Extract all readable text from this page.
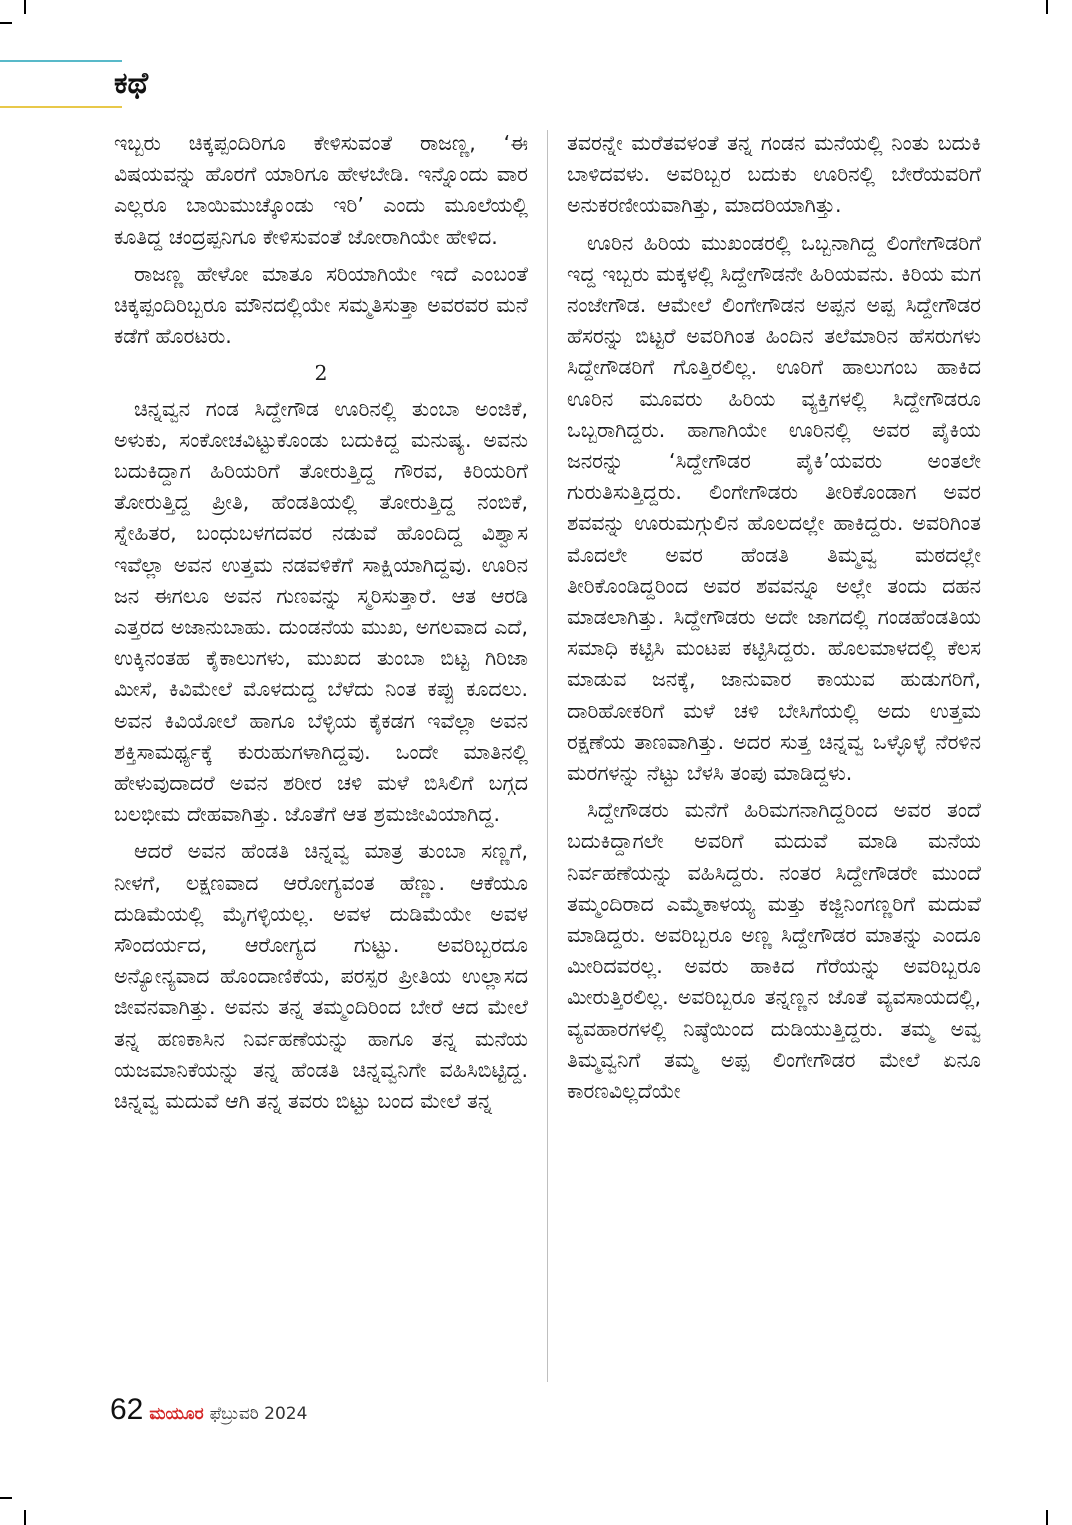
ಕಥೆ

ಇಬ್ಬರು ಚಿಕ್ಕಪ್ಪಂದಿರಿಗೂ ಕೇಳಿಸುವಂತೆ ರಾಜಣ್ಣ, ‘ಈ ವಿಷಯವನ್ನು ಹೊರಗೆ ಯಾರಿಗೂ ಹೇಳಬೇಡಿ. ಇನ್ನೊಂದು ವಾರ ಎಲ್ಲರೂ ಬಾಯಿಮುಚ್ಕೊಂಡು ಇರಿ’ ಎಂದು ಮೂಲೆಯಲ್ಲಿ ಕೂತಿದ್ದ ಚಂದ್ರಪ್ಪನಿಗೂ ಕೇಳಿಸುವಂತೆ ಜೋರಾಗಿಯೇ ಹೇಳಿದ.

ರಾಜಣ್ಣ ಹೇಳೋ ಮಾತೂ ಸರಿಯಾಗಿಯೇ ಇದೆ ಎಂಬಂತೆ ಚಿಕ್ಕಪ್ಪಂದಿರಿಬ್ಬರೂ ಮೌನದಲ್ಲಿಯೇ ಸಮ್ಮತಿಸುತ್ತಾ ಅವರವರ ಮನೆ ಕಡೆಗೆ ಹೊರಟರು.

2

ಚಿನ್ನವ್ವನ ಗಂಡ ಸಿದ್ದೇಗೌಡ ಊರಿನಲ್ಲಿ ತುಂಬಾ ಅಂಜಿಕೆ, ಅಳುಕು, ಸಂಕೋಚವಿಟ್ಟುಕೊಂಡು ಬದುಕಿದ್ದ ಮನುಷ್ಯ. ಅವನು ಬದುಕಿದ್ದಾಗ ಹಿರಿಯರಿಗೆ ತೋರುತ್ತಿದ್ದ ಗೌರವ, ಕಿರಿಯರಿಗೆ ತೋರುತ್ತಿದ್ದ ಪ್ರೀತಿ, ಹೆಂಡತಿಯಲ್ಲಿ ತೋರುತ್ತಿದ್ದ ನಂಬಿಕೆ, ಸ್ನೇಹಿತರ, ಬಂಧುಬಳಗದವರ ನಡುವೆ ಹೊಂದಿದ್ದ ವಿಶ್ವಾಸ ಇವೆಲ್ಲಾ ಅವನ ಉತ್ತಮ ನಡವಳಿಕೆಗೆ ಸಾಕ್ಷಿಯಾಗಿದ್ದವು. ಊರಿನ ಜನ ಈಗಲೂ ಅವನ ಗುಣವನ್ನು ಸ್ಮರಿಸುತ್ತಾರೆ. ಆತ ಆರಡಿ ಎತ್ತರದ ಅಜಾನುಬಾಹು. ದುಂಡನೆಯ ಮುಖ, ಅಗಲವಾದ ಎದೆ, ಉಕ್ಕಿನಂತಹ ಕೈಕಾಲುಗಳು, ಮುಖದ ತುಂಬಾ ಬಿಟ್ಟ ಗಿರಿಜಾ ಮೀಸೆ, ಕಿವಿಮೇಲೆ ಮೊಳದುದ್ದ ಬೆಳೆದು ನಿಂತ ಕಪ್ಪು ಕೂದಲು. ಅವನ ಕಿವಿಯೋಲೆ ಹಾಗೂ ಬೆಳ್ಳಿಯ ಕೈಕಡಗ ಇವೆಲ್ಲಾ ಅವನ ಶಕ್ತಿಸಾಮರ್ಥ್ಯಕ್ಕೆ ಕುರುಹುಗಳಾಗಿದ್ದವು. ಒಂದೇ ಮಾತಿನಲ್ಲಿ ಹೇಳುವುದಾದರೆ ಅವನ ಶರೀರ ಚಳಿ ಮಳೆ ಬಿಸಿಲಿಗೆ ಬಗ್ಗದ ಬಲಭೀಮ ದೇಹವಾಗಿತ್ತು. ಜೊತೆಗೆ ಆತ ಶ್ರಮಜೀವಿಯಾಗಿದ್ದ.

ಆದರೆ ಅವನ ಹೆಂಡತಿ ಚಿನ್ನವ್ವ ಮಾತ್ರ ತುಂಬಾ ಸಣ್ಣಗೆ, ನೀಳಗೆ, ಲಕ್ಷಣವಾದ ಆರೋಗ್ಯವಂತ ಹೆಣ್ಣು. ಆಕೆಯೂ ದುಡಿಮೆಯಲ್ಲಿ ಮೈಗಳ್ಳಿಯಲ್ಲ. ಅವಳ ದುಡಿಮೆಯೇ ಅವಳ ಸೌಂದರ್ಯದ, ಆರೋಗ್ಯದ ಗುಟ್ಟು. ಅವರಿಬ್ಬರದೂ ಅನ್ಯೋನ್ಯವಾದ ಹೊಂದಾಣಿಕೆಯ, ಪರಸ್ಪರ ಪ್ರೀತಿಯ ಉಲ್ಲಾಸದ ಜೀವನವಾಗಿತ್ತು. ಅವನು ತನ್ನ ತಮ್ಮಂದಿರಿಂದ ಬೇರೆ ಆದ ಮೇಲೆ ತನ್ನ ಹಣಕಾಸಿನ ನಿರ್ವಹಣೆಯನ್ನು ಹಾಗೂ ತನ್ನ ಮನೆಯ ಯಜಮಾನಿಕೆಯನ್ನು ತನ್ನ ಹೆಂಡತಿ ಚಿನ್ನವ್ವನಿಗೇ ವಹಿಸಿಬಿಟ್ಟಿದ್ದ. ಚಿನ್ನವ್ವ ಮದುವೆ ಆಗಿ ತನ್ನ ತವರು ಬಿಟ್ಟು ಬಂದ ಮೇಲೆ ತನ್ನ

ತವರನ್ನೇ ಮರೆತವಳಂತೆ ತನ್ನ ಗಂಡನ ಮನೆಯಲ್ಲಿ ನಿಂತು ಬದುಕಿ ಬಾಳಿದವಳು. ಅವರಿಬ್ಬರ ಬದುಕು ಊರಿನಲ್ಲಿ ಬೇರೆಯವರಿಗೆ ಅನುಕರಣೀಯವಾಗಿತ್ತು, ಮಾದರಿಯಾಗಿತ್ತು.

ಊರಿನ ಹಿರಿಯ ಮುಖಂಡರಲ್ಲಿ ಒಬ್ಬನಾಗಿದ್ದ ಲಿಂಗೇಗೌಡರಿಗೆ ಇದ್ದ ಇಬ್ಬರು ಮಕ್ಕಳಲ್ಲಿ ಸಿದ್ದೇಗೌಡನೇ ಹಿರಿಯವನು. ಕಿರಿಯ ಮಗ ನಂಜೇಗೌಡ. ಆಮೇಲೆ ಲಿಂಗೇಗೌಡನ ಅಪ್ಪನ ಅಪ್ಪ ಸಿದ್ದೇಗೌಡರ ಹೆಸರನ್ನು ಬಿಟ್ಟರೆ ಅವರಿಗಿಂತ ಹಿಂದಿನ ತಲೆಮಾರಿನ ಹೆಸರುಗಳು ಸಿದ್ದೇಗೌಡರಿಗೆ ಗೊತ್ತಿರಲಿಲ್ಲ. ಊರಿಗೆ ಹಾಲುಗಂಬ ಹಾಕಿದ ಊರಿನ ಮೂವರು ಹಿರಿಯ ವ್ಯಕ್ತಿಗಳಲ್ಲಿ ಸಿದ್ದೇಗೌಡರೂ ಒಬ್ಬರಾಗಿದ್ದರು. ಹಾಗಾಗಿಯೇ ಊರಿನಲ್ಲಿ ಅವರ ಪೈಕಿಯ ಜನರನ್ನು ‘ಸಿದ್ದೇಗೌಡರ ಪೈಕಿ’ಯವರು ಅಂತಲೇ ಗುರುತಿಸುತ್ತಿದ್ದರು. ಲಿಂಗೇಗೌಡರು ತೀರಿಕೊಂಡಾಗ ಅವರ ಶವವನ್ನು ಊರುಮಗ್ಗುಲಿನ ಹೊಲದಲ್ಲೇ ಹಾಕಿದ್ದರು. ಅವರಿಗಿಂತ ಮೊದಲೇ ಅವರ ಹೆಂಡತಿ ತಿಮ್ಮವ್ವ ಮಠದಲ್ಲೇ ತೀರಿಕೊಂಡಿದ್ದರಿಂದ ಅವರ ಶವವನ್ನೂ ಅಲ್ಲೇ ತಂದು ದಹನ ಮಾಡಲಾಗಿತ್ತು. ಸಿದ್ದೇಗೌಡರು ಅದೇ ಜಾಗದಲ್ಲಿ ಗಂಡಹೆಂಡತಿಯ ಸಮಾಧಿ ಕಟ್ಟಿಸಿ ಮಂಟಪ ಕಟ್ಟಿಸಿದ್ದರು. ಹೊಲಮಾಳದಲ್ಲಿ ಕೆಲಸ ಮಾಡುವ ಜನಕ್ಕೆ, ಜಾನುವಾರ ಕಾಯುವ ಹುಡುಗರಿಗೆ, ದಾರಿಹೋಕರಿಗೆ ಮಳೆ ಚಳಿ ಬೇಸಿಗೆಯಲ್ಲಿ ಅದು ಉತ್ತಮ ರಕ್ಷಣೆಯ ತಾಣವಾಗಿತ್ತು. ಅದರ ಸುತ್ತ ಚಿನ್ನವ್ವ ಒಳ್ಳೊಳ್ಳೆ ನೆರಳಿನ ಮರಗಳನ್ನು ನೆಟ್ಟು ಬೆಳಸಿ ತಂಪು ಮಾಡಿದ್ದಳು.

ಸಿದ್ದೇಗೌಡರು ಮನೆಗೆ ಹಿರಿಮಗನಾಗಿದ್ದರಿಂದ ಅವರ ತಂದೆ ಬದುಕಿದ್ದಾಗಲೇ ಅವರಿಗೆ ಮದುವೆ ಮಾಡಿ ಮನೆಯ ನಿರ್ವಹಣೆಯನ್ನು ವಹಿಸಿದ್ದರು. ನಂತರ ಸಿದ್ದೇಗೌಡರೇ ಮುಂದೆ ತಮ್ಮಂದಿರಾದ ಎಮ್ಮೆಕಾಳಯ್ಯ ಮತ್ತು ಕಜ್ಜಿನಿಂಗಣ್ಣರಿಗೆ ಮದುವೆ ಮಾಡಿದ್ದರು. ಅವರಿಬ್ಬರೂ ಅಣ್ಣ ಸಿದ್ದೇಗೌಡರ ಮಾತನ್ನು ಎಂದೂ ಮೀರಿದವರಲ್ಲ. ಅವರು ಹಾಕಿದ ಗೆರೆಯನ್ನು ಅವರಿಬ್ಬರೂ ಮೀರುತ್ತಿರಲಿಲ್ಲ. ಅವರಿಬ್ಬರೂ ತನ್ನಣ್ಣನ ಜೊತೆ ವ್ಯವಸಾಯದಲ್ಲಿ, ವ್ಯವಹಾರಗಳಲ್ಲಿ ನಿಷ್ಠೆಯಿಂದ ದುಡಿಯುತ್ತಿದ್ದರು. ತಮ್ಮ ಅವ್ವ ತಿಮ್ಮವ್ವನಿಗೆ ತಮ್ಮ ಅಪ್ಪ ಲಿಂಗೇಗೌಡರ ಮೇಲೆ ಏನೂ ಕಾರಣವಿಲ್ಲದೆಯೇ

62 ಮಯೂರ ಫೆಬ್ರುವರಿ 2024
